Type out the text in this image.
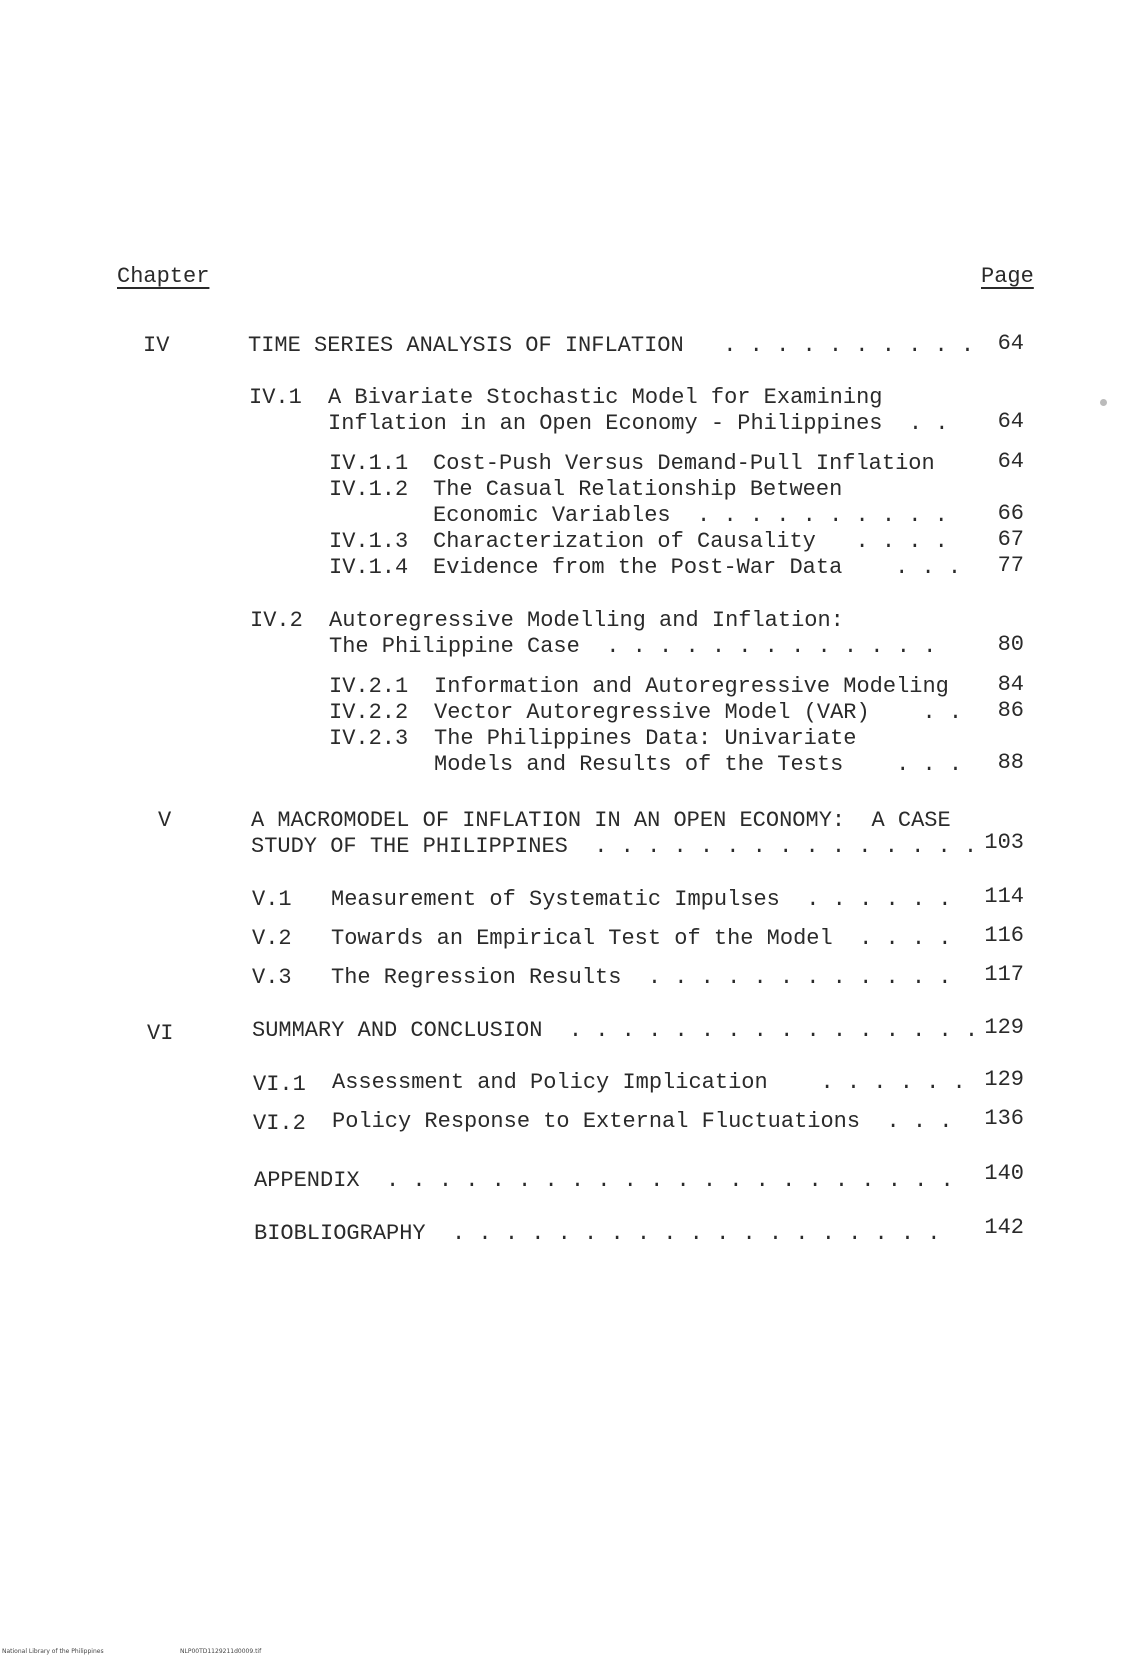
Chapter	Page
IV	TIME SERIES ANALYSIS OF INFLATION   . . . . . . . . . .	64
IV.1 A Bivariate Stochastic Model for Examining
Inflation in an Open Economy - Philippines  . .	64
IV.1.1 Cost-Push Versus Demand-Pull Inflation	64
IV.1.2 The Casual Relationship Between
Economic Variables  . . . . . . . . . .	66
IV.1.3 Characterization of Causality   . . . .	67
IV.1.4 Evidence from the Post-War Data    . . .	77
IV.2 Autoregressive Modelling and Inflation:
The Philippine Case  . . . . . . . . . . . . .	80
IV.2.1 Information and Autoregressive Modeling	84
IV.2.2 Vector Autoregressive Model (VAR)    . .	86
IV.2.3 The Philippines Data: Univariate
Models and Results of the Tests    . . .	88
V	A MACROMODEL OF INFLATION IN AN OPEN ECONOMY:  A CASE
STUDY OF THE PHILIPPINES  . . . . . . . . . . . . . . . 103
V.1 Measurement of Systematic Impulses  . . . . . .	114
V.2 Towards an Empirical Test of the Model  . . . .	116
V.3 The Regression Results  . . . . . . . . . . . .	117
VI	SUMMARY AND CONCLUSION  . . . . . . . . . . . . . . . . 129
VI.1 Assessment and Policy Implication    . . . . . . 129
VI.2 Policy Response to External Fluctuations  . . .	136
APPENDIX  . . . . . . . . . . . . . . . . . . . . . .	140
BIOBLIOGRAPHY  . . . . . . . . . . . . . . . . . . .	142
National Library of the Philippines	NLP00TD1129211d0009.tif
